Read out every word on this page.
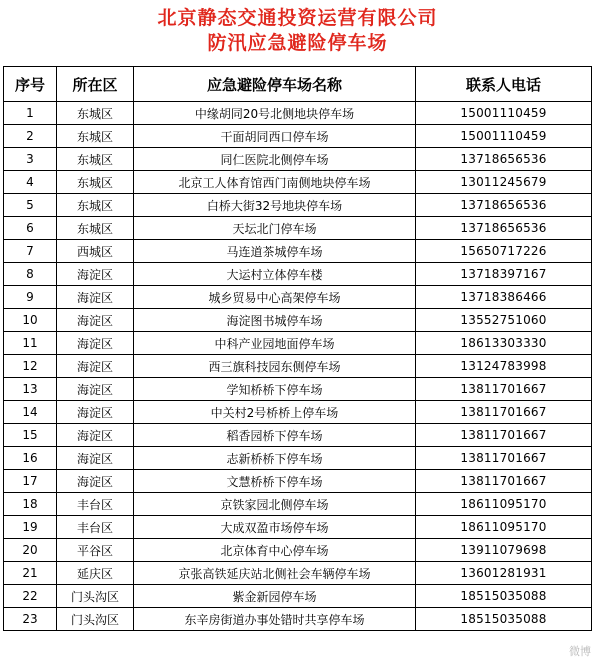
北京静态交通投资运营有限公司
防汛应急避险停车场
序号	所在区	应急避险停车场名称	联系人电话
1	东城区	中缘胡同20号北侧地块停车场	15001110459
2	东城区	干面胡同西口停车场	15001110459
3	东城区	同仁医院北侧停车场	13718656536
4	东城区	北京工人体育馆西门南侧地块停车场	13011245679
5	东城区	白桥大街32号地块停车场	13718656536
6	东城区	天坛北门停车场	13718656536
7	西城区	马连道茶城停车场	15650717226
8	海淀区	大运村立体停车楼	13718397167
9	海淀区	城乡贸易中心高架停车场	13718386466
10	海淀区	海淀图书城停车场	13552751060
11	海淀区	中科产业园地面停车场	18613303330
12	海淀区	西三旗科技园东侧停车场	13124783998
13	海淀区	学知桥桥下停车场	13811701667
14	海淀区	中关村2号桥桥上停车场	13811701667
15	海淀区	稻香园桥下停车场	13811701667
16	海淀区	志新桥桥下停车场	13811701667
17	海淀区	文慧桥桥下停车场	13811701667
18	丰台区	京铁家园北侧停车场	18611095170
19	丰台区	大成双盈市场停车场	18611095170
20	平谷区	北京体育中心停车场	13911079698
21	延庆区	京张高铁延庆站北侧社会车辆停车场	13601281931
22	门头沟区	紫金新园停车场	18515035088
23	门头沟区	东辛房街道办事处错时共享停车场	18515035088
微博
